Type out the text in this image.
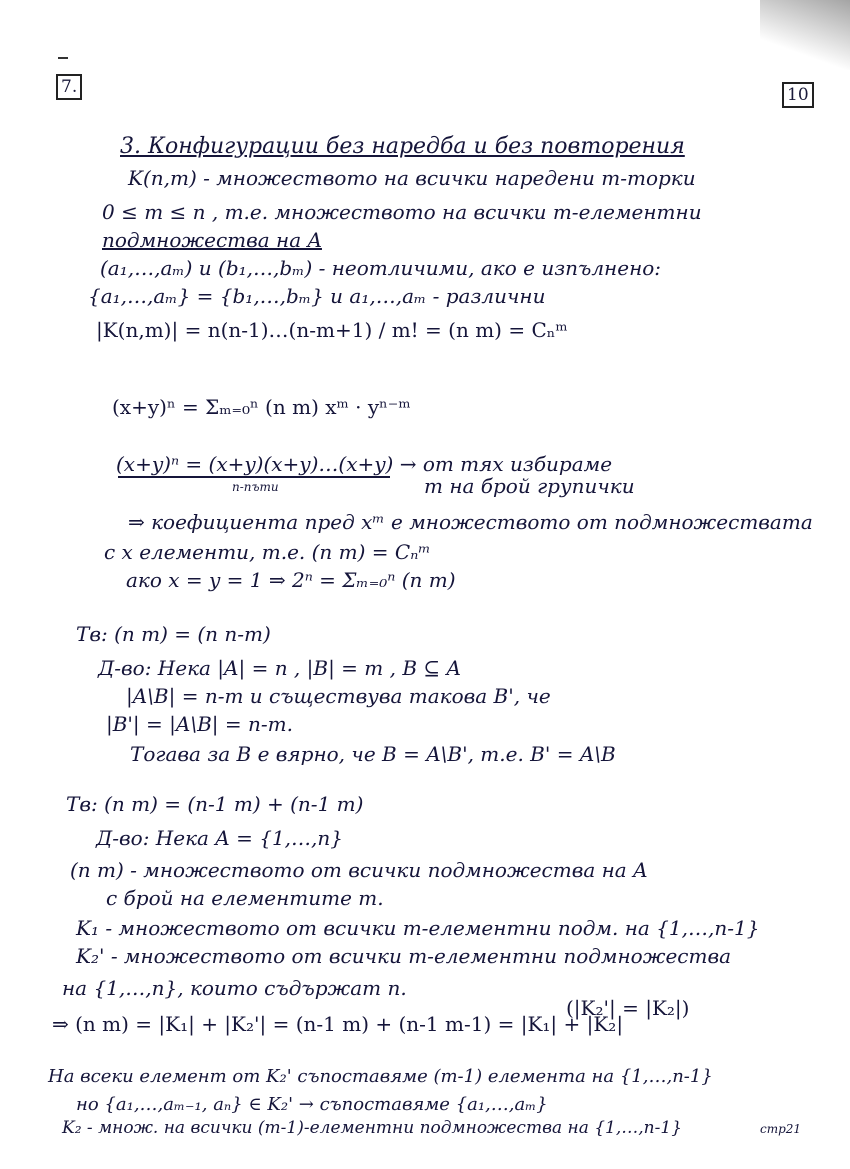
7.	10
3. Конфигурации без наредба и без повторения
K(n,m) - множеството на всички наредени m-торки
0 ≤ m ≤ n , т.е. множеството на всички m-елементни
подмножества на A
(a₁,…,aₘ) и (b₁,…,bₘ) - неотличими, ако е изпълнено:
{a₁,…,aₘ} = {b₁,…,bₘ} и a₁,…,aₘ - различни
|K(n,m)| = n(n-1)…(n-m+1) / m! = (n m) = Cₙᵐ
(x+y)ⁿ = Σₘ₌₀ⁿ (n m) xᵐ · yⁿ⁻ᵐ
(x+y)ⁿ = (x+y)(x+y)…(x+y) → от тях избираме
n-пъти	m на брой групички
⇒ коефициента пред xᵐ е множеството от подмножествата
с x елементи, т.е. (n m) = Cₙᵐ
ако x = y = 1 ⇒ 2ⁿ = Σₘ₌₀ⁿ (n m)
Тв: (n m) = (n n-m)
Д-во: Нека |A| = n , |B| = m , B ⊆ A
|A\B| = n-m и съществува такова B', че
|B'| = |A\B| = n-m.
Тогава за B е вярно, че B = A\B', т.е. B' = A\B
Тв: (n m) = (n-1 m) + (n-1 m)
Д-во: Нека A = {1,…,n}
(n m) - множеството от всички подмножества на A
с брой на елементите m.
K₁ - множеството от всички m-елементни подм. на {1,…,n-1}
K₂' - множеството от всички m-елементни подмножества
на {1,…,n}, които съдържат n.
⇒ (n m) = |K₁| + |K₂'| = (n-1 m) + (n-1 m-1) = |K₁| + |K₂|
(|K₂'| = |K₂|)
На всеки елемент от K₂' съпоставяме (m-1) елемента на {1,…,n-1}
но {a₁,…,aₘ₋₁, aₙ} ∈ K₂' → съпоставяме {a₁,…,aₘ}
K₂ - множ. на всички (m-1)-елементни подмножества на {1,…,n-1}	стр21
